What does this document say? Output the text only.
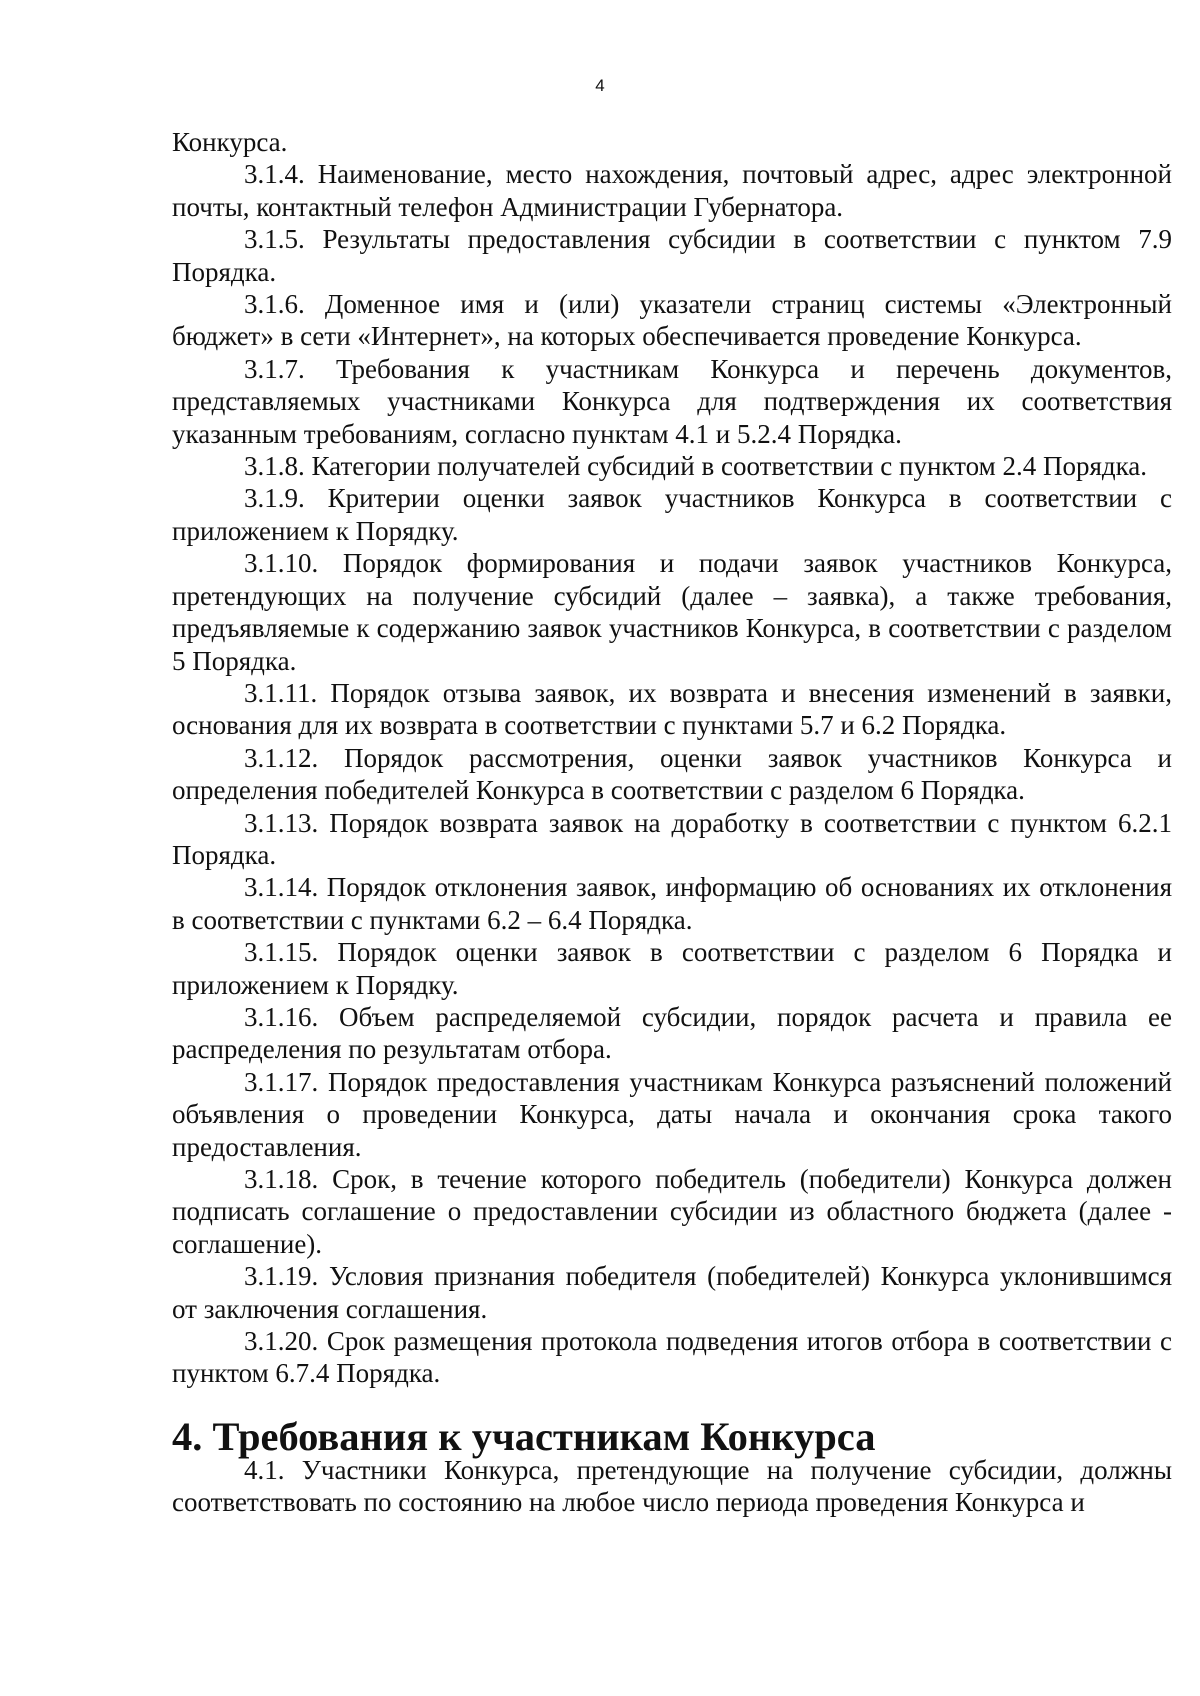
4

Конкурса.

3.1.4. Наименование, место нахождения, почтовый адрес, адрес электронной почты, контактный телефон Администрации Губернатора.

3.1.5. Результаты предоставления субсидии в соответствии с пунктом 7.9 Порядка.

3.1.6. Доменное имя и (или) указатели страниц системы «Электронный бюджет» в сети «Интернет», на которых обеспечивается проведение Конкурса.

3.1.7. Требования к участникам Конкурса и перечень документов, представляемых участниками Конкурса для подтверждения их соответствия указанным требованиям, согласно пунктам 4.1 и 5.2.4 Порядка.

3.1.8. Категории получателей субсидий в соответствии с пунктом 2.4 Порядка.

3.1.9. Критерии оценки заявок участников Конкурса в соответствии с приложением к Порядку.

3.1.10. Порядок формирования и подачи заявок участников Конкурса, претендующих на получение субсидий (далее – заявка), а также требования, предъявляемые к содержанию заявок участников Конкурса, в соответствии с разделом 5 Порядка.

3.1.11. Порядок отзыва заявок, их возврата и внесения изменений в заявки, основания для их возврата в соответствии с пунктами 5.7 и 6.2 Порядка.

3.1.12. Порядок рассмотрения, оценки заявок участников Конкурса и определения победителей Конкурса в соответствии с разделом 6 Порядка.

3.1.13. Порядок возврата заявок на доработку в соответствии с пунктом 6.2.1 Порядка.

3.1.14. Порядок отклонения заявок, информацию об основаниях их отклонения в соответствии с пунктами 6.2 – 6.4 Порядка.

3.1.15. Порядок оценки заявок в соответствии с разделом 6 Порядка и приложением к Порядку.

3.1.16. Объем распределяемой субсидии, порядок расчета и правила ее распределения по результатам отбора.

3.1.17. Порядок предоставления участникам Конкурса разъяснений положений объявления о проведении Конкурса, даты начала и окончания срока такого предоставления.

3.1.18. Срок, в течение которого победитель (победители) Конкурса должен подписать соглашение о предоставлении субсидии из областного бюджета (далее - соглашение).

3.1.19. Условия признания победителя (победителей) Конкурса уклонившимся от заключения соглашения.

3.1.20. Срок размещения протокола подведения итогов отбора в соответствии с пунктом 6.7.4 Порядка.

4. Требования к участникам Конкурса

4.1. Участники Конкурса, претендующие на получение субсидии, должны соответствовать по состоянию на любое число периода проведения Конкурса и
